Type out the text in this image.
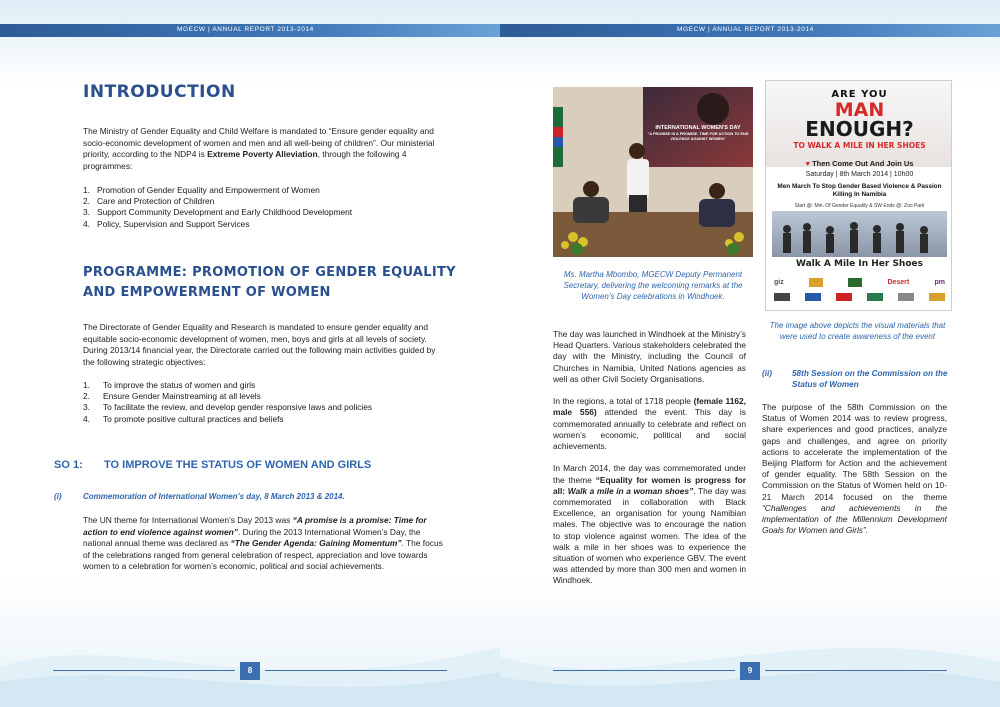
MGECW | ANNUAL REPORT 2013-2014
INTRODUCTION

The Ministry of Gender Equality and Child Welfare is mandated to “Ensure gender equality and socio-economic development of women and men and all well-being of children”. Our ministerial priority, according to the NDP4 is Extreme Poverty Alleviation, through the following 4 programmes:

1. Promotion of Gender Equality and Empowerment of Women
2. Care and Protection of Children
3. Support Community Development and Early Childhood Development
4. Policy, Supervision and Support Services
PROGRAMME: PROMOTION OF GENDER EQUALITY AND EMPOWERMENT OF WOMEN

The Directorate of Gender Equality and Research is mandated to ensure gender equality and equitable socio-economic development of women, men, boys and girls at all levels of society. During 2013/14 financial year, the Directorate carried out the following main activities guided by the following strategic objectives:

1.	To improve the status of women and girls
2.	Ensure Gender Mainstreaming at all levels
3.	To facilitate the review, and develop gender responsive laws and policies
4.	To promote positive cultural practices and beliefs
SO 1: TO IMPROVE THE STATUS OF WOMEN AND GIRLS
(i)	Commemoration of International Women’s day, 8 March 2013 & 2014.

The UN theme for International Women’s Day 2013 was “A promise is a promise: Time for action to end violence against women”. During the 2013 International Women’s Day, the national annual theme was declared as “The Gender Agenda: Gaining Momentum”. The focus of the celebrations ranged from general celebration of respect, appreciation and love towards women to a celebration for women’s economic, political and social achievements.

8
MGECW | ANNUAL REPORT 2013-2014
9
INTERNATIONAL WOMEN'S DAY
"A PROMISE IS A PROMISE: TIME FOR ACTION TO END VIOLENCE AGAINST WOMEN"
Ms. Martha Mbombo, MGECW Deputy Permanent Secretary, delivering the welcoming remarks at the Women’s Day celebrations in Windhoek.

The day was launched in Windhoek at the Ministry’s Head Quarters. Various stakeholders celebrated the day with the Ministry, including the Council of Churches in Namibia, United Nations agencies as well as other Civil Society Organisations.

In the regions, a total of 1718 people (female 1162, male 556) attended the event. This day is commemorated annually to celebrate and reflect on women’s economic, political and social achievements.

In March 2014, the day was commemorated under the theme “Equality for women is progress for all: Walk a mile in a woman shoes”. The day was commemorated in collaboration with Black Excellence, an organisation for young Namibian males. The objective was to encourage the nation to stop violence against women. The idea of the walk a mile in her shoes was to experience the situation of women who experience GBV. The event was attended by more than 300 men and women in Windhoek.

ARE YOU
MAN
ENOUGH?
TO WALK A MILE IN HER SHOES
♥ Then Come Out And Join Us
Saturday | 8th March 2014 | 10h00
Men March To Stop Gender Based Violence & Passion Killing In Namibia
Start @: Min. Of Gender Equality & SW Ends @: Zoo Park
Walk A Mile In Her Shoes
giz	Desert	pm
The image above depicts the visual materials that were used to create awareness of the event
(ii)	58th Session on the Commission on the Status of Women

The purpose of the 58th Commission on the Status of Women 2014 was to review progress, share experiences and good practices, analyze gaps and challenges, and agree on priority actions to accelerate the implementation of the Beijing Platform for Action and the achievement of gender equality. The 58th Session on the Commission on the Status of Women held on 10-21 March 2014 focused on the theme “Challenges and achievements in the implementation of the Millennium Development Goals for Women and Girls”.
